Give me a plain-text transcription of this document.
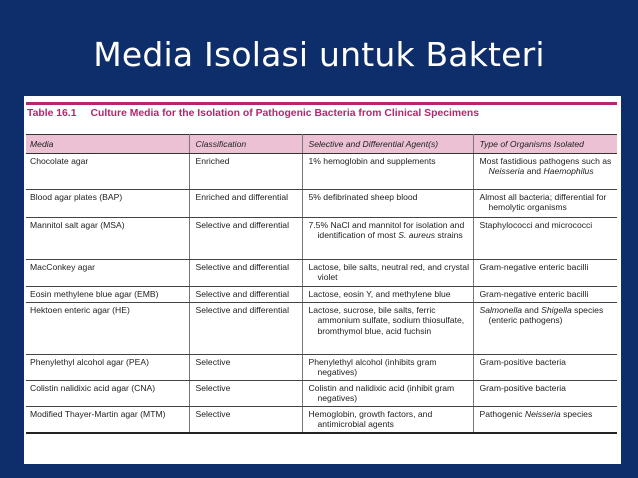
Media Isolasi untuk Bakteri
Table 16.1 Culture Media for the Isolation of Pathogenic Bacteria from Clinical Specimens
Media	Classification	Selective and Differential Agent(s)	Type of Organisms Isolated
Chocolate agar	Enriched	1% hemoglobin and supplements	Most fastidious pathogens such as Neisseria and Haemophilus

Blood agar plates (BAP)	Enriched and differential	5% defibrinated sheep blood	Almost all bacteria; differential for hemolytic organisms

Mannitol salt agar (MSA)	Selective and differential	7.5% NaCl and mannitol for isolation and identification of most S. aureus strains	Staphylococci and micrococci

MacConkey agar	Selective and differential	Lactose, bile salts, neutral red, and crystal violet	Gram-negative enteric bacilli

Eosin methylene blue agar (EMB)	Selective and differential	Lactose, eosin Y, and methylene blue	Gram-negative enteric bacilli

Hektoen enteric agar (HE)	Selective and differential	Lactose, sucrose, bile salts, ferric ammonium sulfate, sodium thiosulfate, bromthymol blue, acid fuchsin	Salmonella and Shigella species (enteric pathogens)

Phenylethyl alcohol agar (PEA)	Selective	Phenylethyl alcohol (inhibits gram negatives)	Gram-positive bacteria

Colistin nalidixic acid agar (CNA)	Selective	Colistin and nalidixic acid (inhibit gram negatives)	Gram-positive bacteria

Modified Thayer-Martin agar (MTM)	Selective	Hemoglobin, growth factors, and antimicrobial agents	Pathogenic Neisseria species
